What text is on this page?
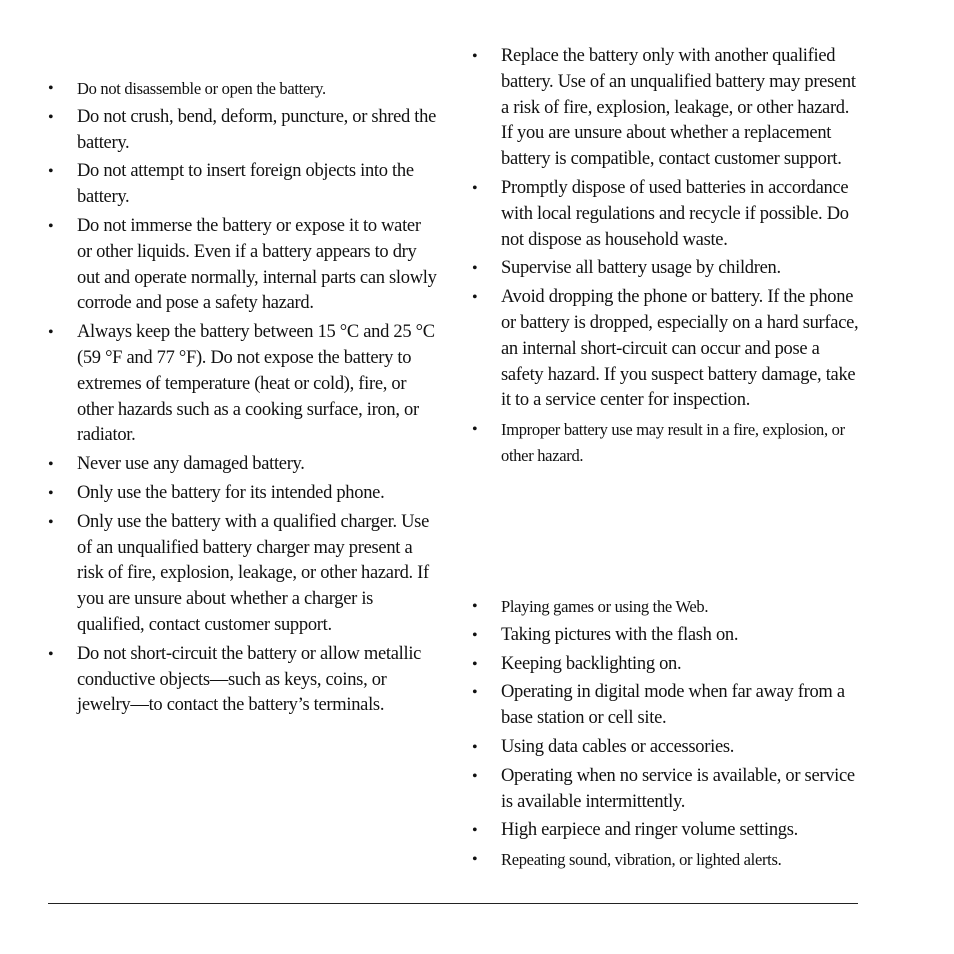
• Do not disassemble or open the battery.
• Do not crush, bend, deform, puncture, or shred the battery.
• Do not attempt to insert foreign objects into the battery.
• Do not immerse the battery or expose it to water or other liquids. Even if a battery appears to dry out and operate normally, internal parts can slowly corrode and pose a safety hazard.
• Always keep the battery between 15 °C and 25 °C (59 °F and 77 °F). Do not expose the battery to extremes of temperature (heat or cold), fire, or other hazards such as a cooking surface, iron, or radiator.
• Never use any damaged battery.
• Only use the battery for its intended phone.
• Only use the battery with a qualified charger. Use of an unqualified battery charger may present a risk of fire, explosion, leakage, or other hazard. If you are unsure about whether a charger is qualified, contact customer support.
• Do not short-circuit the battery or allow metallic conductive objects—such as keys, coins, or jewelry—to contact the battery’s terminals.
• Replace the battery only with another qualified battery. Use of an unqualified battery may present a risk of fire, explosion, leakage, or other hazard. If you are unsure about whether a replacement battery is compatible, contact customer support.
• Promptly dispose of used batteries in accordance with local regulations and recycle if possible. Do not dispose as household waste.
• Supervise all battery usage by children.
• Avoid dropping the phone or battery. If the phone or battery is dropped, especially on a hard surface, an internal short-circuit can occur and pose a safety hazard. If you suspect battery damage, take it to a service center for inspection.
• Improper battery use may result in a fire, explosion, or other hazard.
• Playing games or using the Web.
• Taking pictures with the flash on.
• Keeping backlighting on.
• Operating in digital mode when far away from a base station or cell site.
• Using data cables or accessories.
• Operating when no service is available, or service is available intermittently.
• High earpiece and ringer volume settings.
• Repeating sound, vibration, or lighted alerts.
